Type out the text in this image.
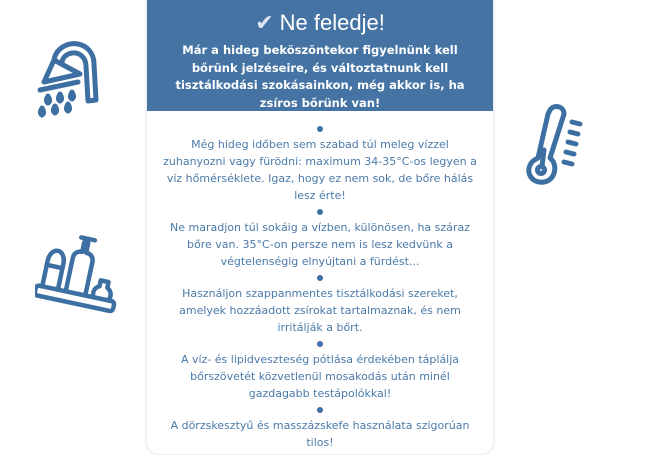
✔ Ne feledje!

Már a hideg beköszöntekor figyelnünk kell bőrünk jelzéseire, és változtatnunk kell tisztálkodási szokásainkon, még akkor is, ha zsíros bőrünk van!

Még hideg időben sem szabad túl meleg vízzel zuhanyozni vagy fürödni: maximum 34-35°C-os legyen a víz hőmérséklete. Igaz, hogy ez nem sok, de bőre hálás lesz érte!

Ne maradjon túl sokáig a vízben, különösen, ha száraz bőre van. 35°C-on persze nem is lesz kedvünk a végtelenségig elnyújtani a fürdést...

Használjon szappanmentes tisztálkodási szereket, amelyek hozzáadott zsírokat tartalmaznak, és nem irritálják a bőrt.

A víz- és lipidveszteség pótlása érdekében táplálja bőrszövetét közvetlenül mosakodás után minél gazdagabb testápolókkal!

A dörzskesztyű és masszázskefe használata szigorúan tilos!
